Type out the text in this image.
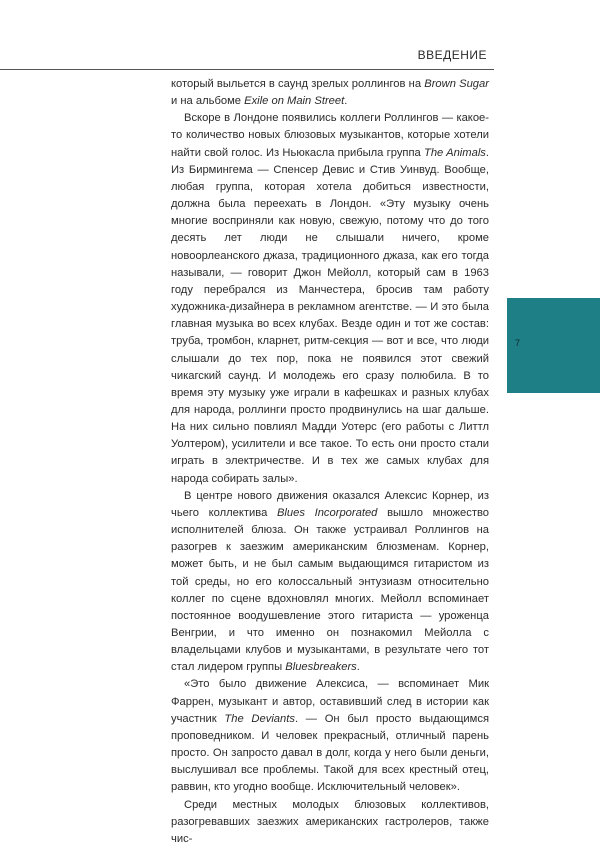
ВВЕДЕНИЕ

который выльется в саунд зрелых роллингов на Brown Sugar и на альбоме Exile on Main Street.

Вскоре в Лондоне появились коллеги Роллингов — какое-то количество новых блюзовых музыкантов, которые хотели найти свой голос. Из Ньюкасла прибыла группа The Animals. Из Бирмингема — Спенсер Девис и Стив Уинвуд. Вообще, любая группа, которая хотела добиться известности, должна была переехать в Лондон. «Эту музыку очень многие восприняли как новую, свежую, потому что до того десять лет люди не слышали ничего, кроме новоорлеанского джаза, традиционного джаза, как его тогда называли, — говорит Джон Мейолл, который сам в 1963 году перебрался из Манчестера, бросив там работу художника-дизайнера в рекламном агентстве. — И это была главная музыка во всех клубах. Везде один и тот же состав: труба, тромбон, кларнет, ритм-секция — вот и все, что люди слышали до тех пор, пока не появился этот свежий чикагский саунд. И молодежь его сразу полюбила. В то время эту музыку уже играли в кафешках и разных клубах для народа, роллинги просто продвинулись на шаг дальше. На них сильно повлиял Мадди Уотерс (его работы с Литтл Уолтером), усилители и все такое. То есть они просто стали играть в электричестве. И в тех же самых клубах для народа собирать залы».

В центре нового движения оказался Алексис Корнер, из чьего коллектива Blues Incorporated вышло множество исполнителей блюза. Он также устраивал Роллингов на разогрев к заезжим американским блюзменам. Корнер, может быть, и не был самым выдающимся гитаристом из той среды, но его колоссальный энтузиазм относительно коллег по сцене вдохновлял многих. Мейолл вспоминает постоянное воодушевление этого гитариста — уроженца Венгрии, и что именно он познакомил Мейолла с владельцами клубов и музыкантами, в результате чего тот стал лидером группы Bluesbreakers.

«Это было движение Алексиса, — вспоминает Мик Фаррен, музыкант и автор, оставивший след в истории как участник The Deviants. — Он был просто выдающимся проповедником. И человек прекрасный, отличный парень просто. Он запросто давал в долг, когда у него были деньги, выслушивал все проблемы. Такой для всех крестный отец, раввин, кто угодно вообще. Исключительный человек».

Среди местных молодых блюзовых коллективов, разогревавших заезжих американских гастролеров, также чис-

7
